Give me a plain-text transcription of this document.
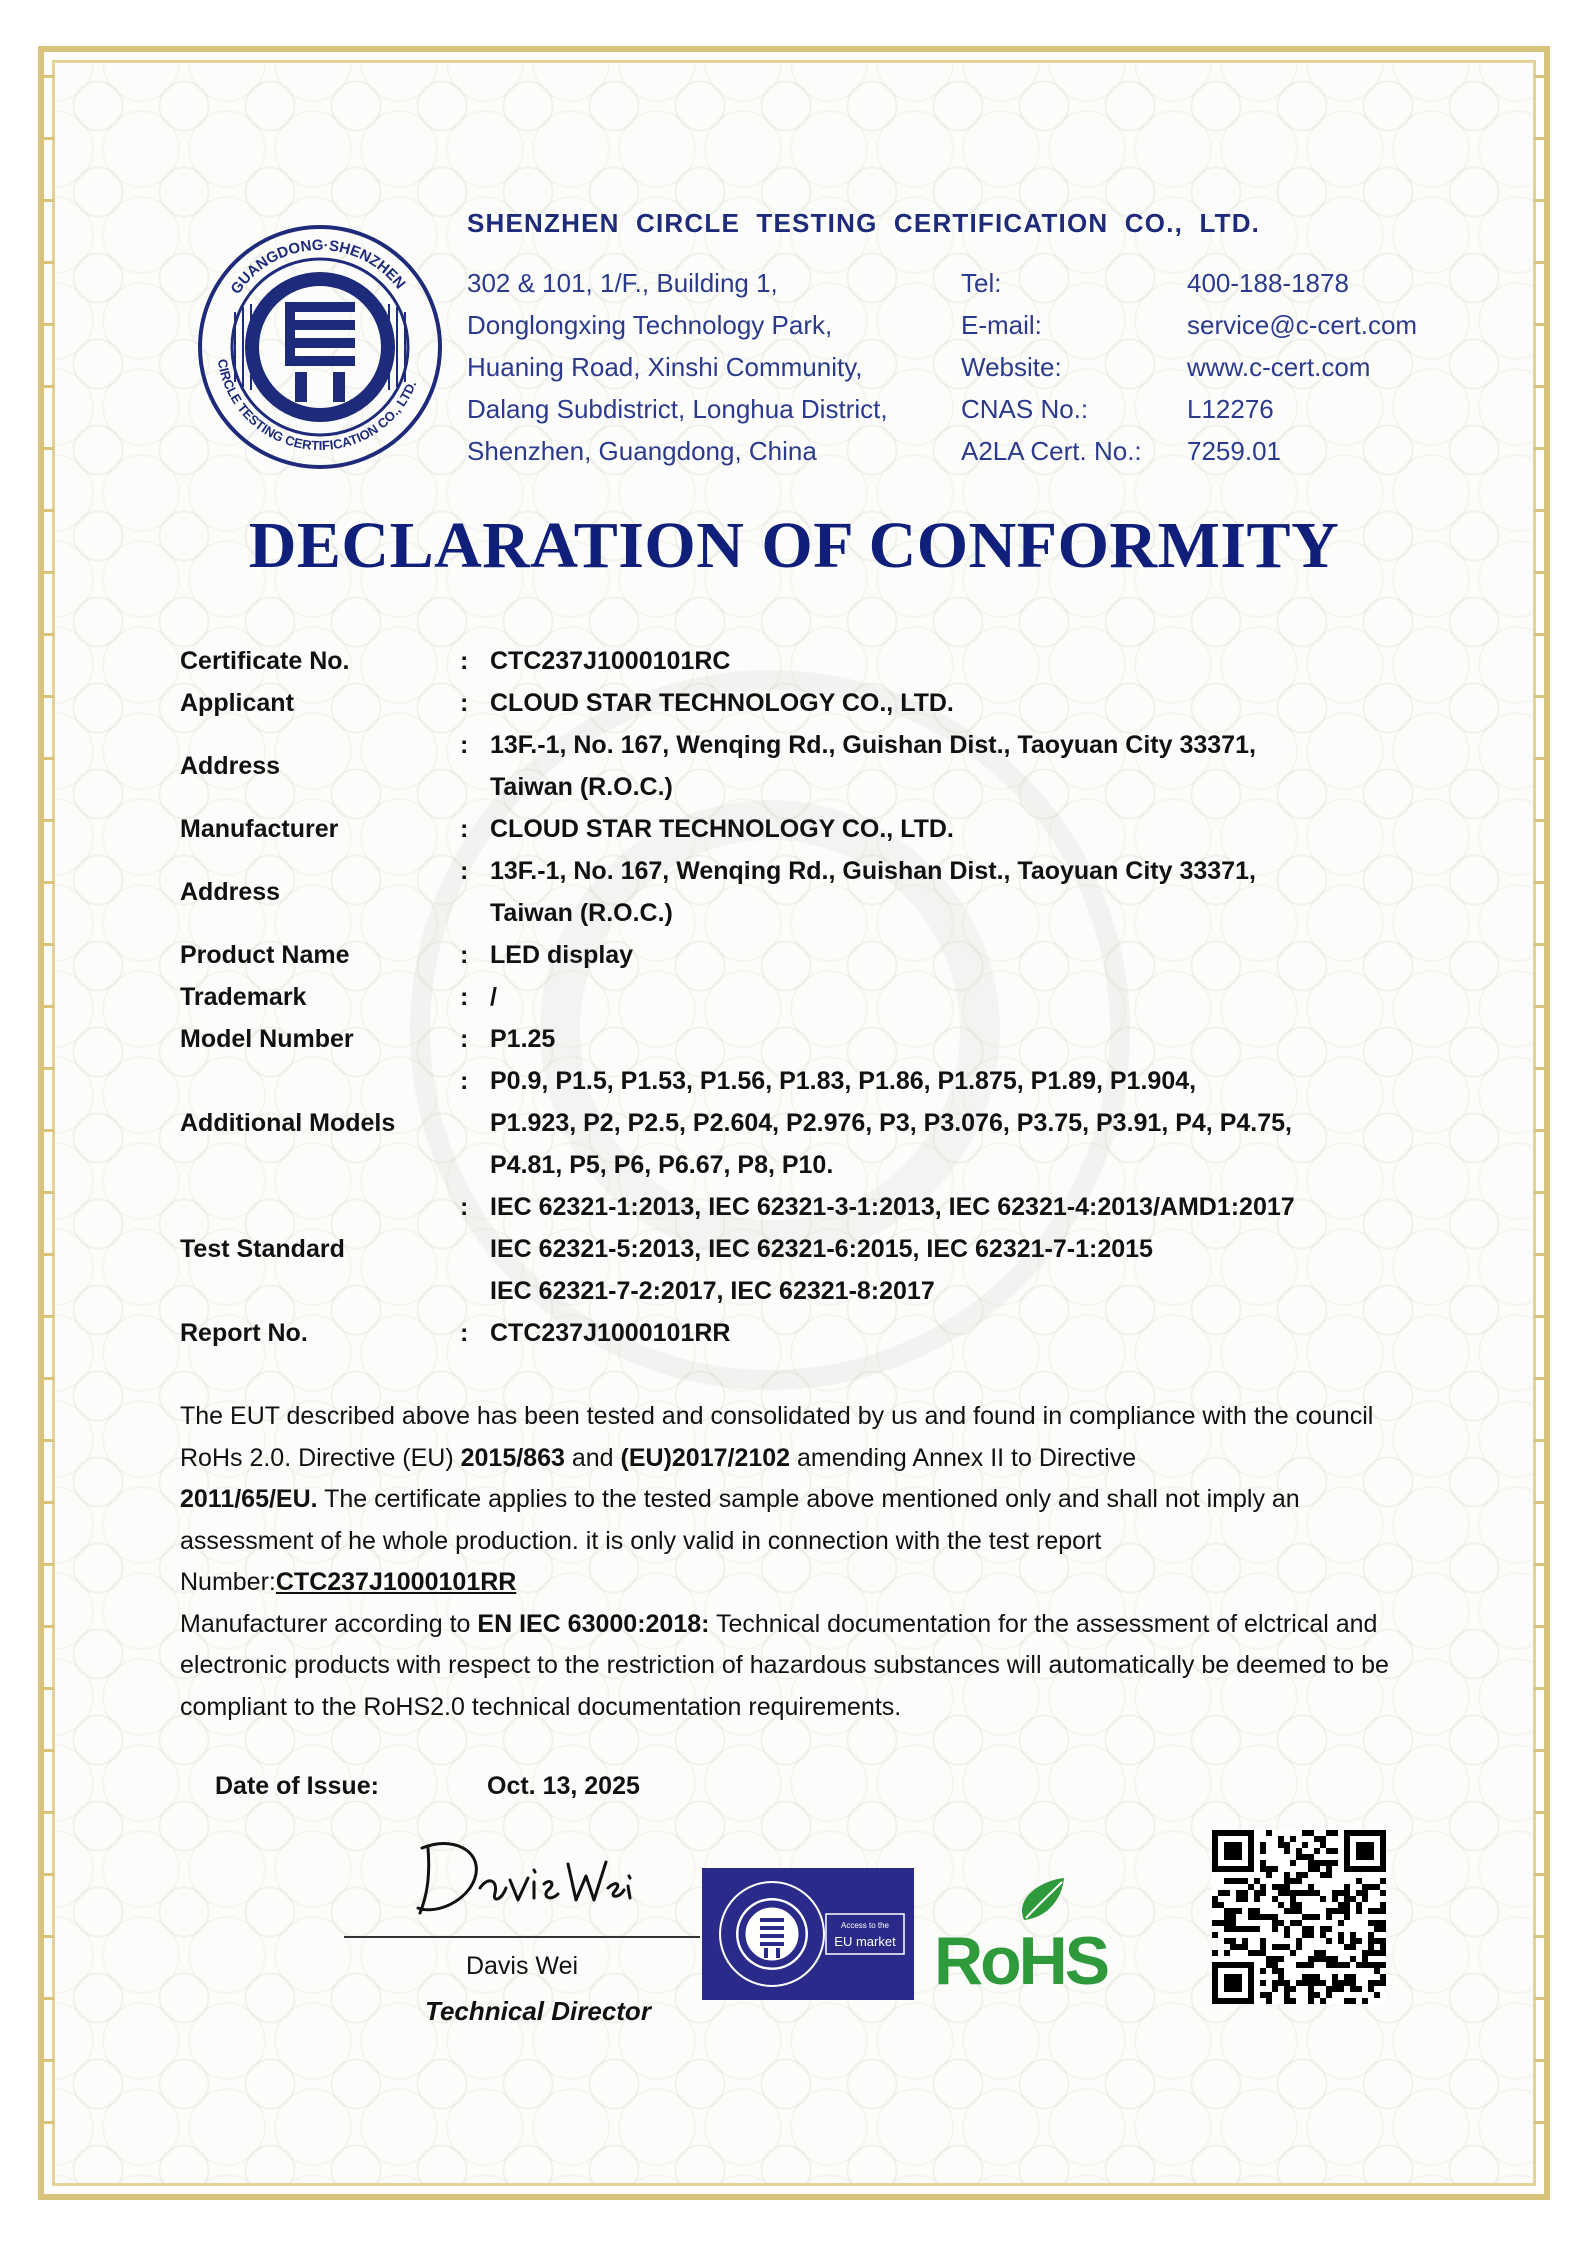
GUANGDONG·SHENZHEN
CIRCLE TESTING CERTIFICATION CO., LTD.
SHENZHEN CIRCLE TESTING CERTIFICATION CO., LTD.
302 & 101, 1/F., Building 1,
Donglongxing Technology Park,
Huaning Road, Xinshi Community,
Dalang Subdistrict, Longhua District,
Shenzhen, Guangdong, China
Tel:	400-188-1878
E-mail:	service@c-cert.com
Website:	www.c-cert.com
CNAS No.:	L12276
A2LA Cert. No.:	7259.01
DECLARATION OF CONFORMITY
Certificate No.	: CTC237J1000101RC
Applicant	: CLOUD STAR TECHNOLOGY CO., LTD.
Address
: 13F.-1, No. 167, Wenqing Rd., Guishan Dist., Taoyuan City 33371,
Taiwan (R.O.C.)
Manufacturer	: CLOUD STAR TECHNOLOGY CO., LTD.
Address
: 13F.-1, No. 167, Wenqing Rd., Guishan Dist., Taoyuan City 33371,
Taiwan (R.O.C.)
Product Name	: LED display
Trademark	: /
Model Number	: P1.25
Additional Models
: P0.9, P1.5, P1.53, P1.56, P1.83, P1.86, P1.875, P1.89, P1.904,
P1.923, P2, P2.5, P2.604, P2.976, P3, P3.076, P3.75, P3.91, P4, P4.75,
P4.81, P5, P6, P6.67, P8, P10.
Test Standard
: IEC 62321-1:2013, IEC 62321-3-1:2013, IEC 62321-4:2013/AMD1:2017
IEC 62321-5:2013, IEC 62321-6:2015, IEC 62321-7-1:2015
IEC 62321-7-2:2017, IEC 62321-8:2017
Report No.	: CTC237J1000101RR

The EUT described above has been tested and consolidated by us and found in compliance with the council RoHs 2.0. Directive (EU) 2015/863 and (EU)2017/2102 amending Annex II to Directive
2011/65/EU. The certificate applies to the tested sample above mentioned only and shall not imply an assessment of he whole production. it is only valid in connection with the test report Number:CTC237J1000101RR

Manufacturer according to EN IEC 63000:2018: Technical documentation for the assessment of elctrical and electronic products with respect to the restriction of hazardous substances will automatically be deemed to be compliant to the RoHS2.0 technical documentation requirements.

Date of Issue:	Oct. 13, 2025
Davis Wei
Technical Director
Access to the
EU market RoHS
